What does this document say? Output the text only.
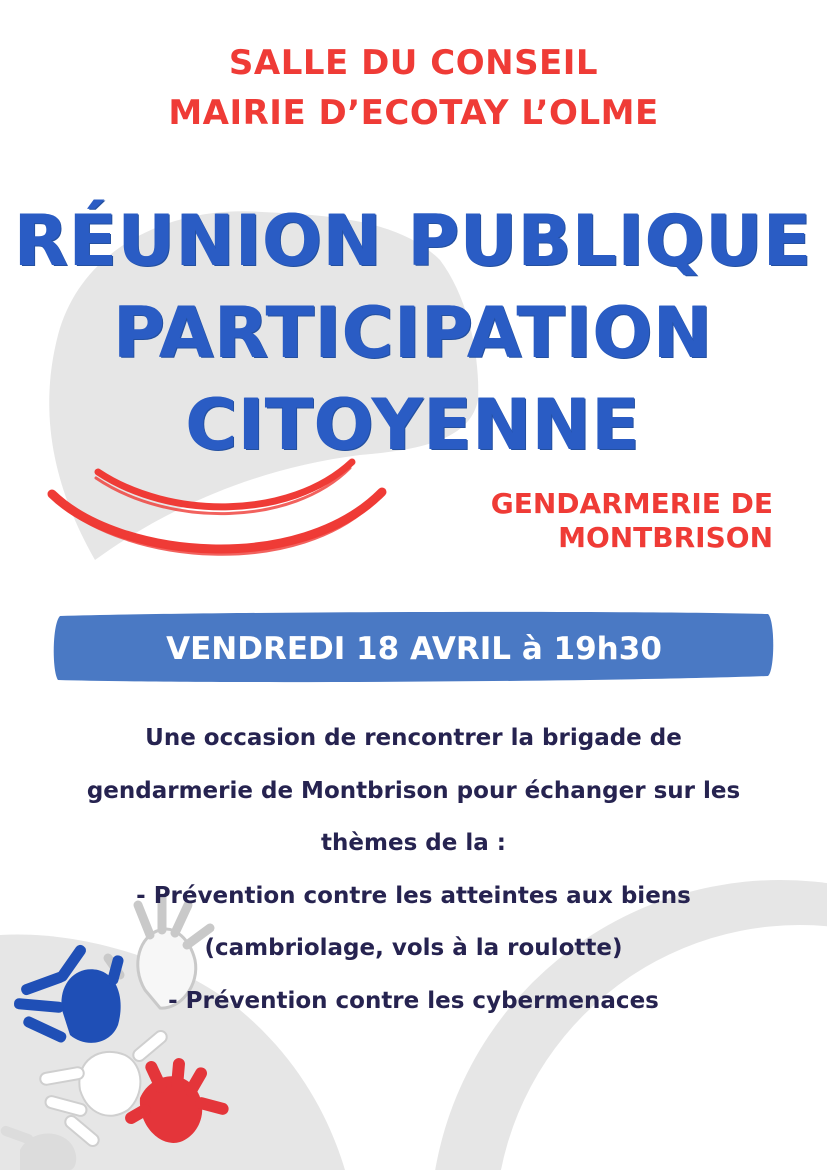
SALLE DU CONSEIL
MAIRIE D’ECOTAY L’OLME
RÉUNION PUBLIQUE
PARTICIPATION
CITOYENNE
GENDARMERIE DE
MONTBRISON
VENDREDI 18 AVRIL à 19h30
Une occasion de rencontrer la brigade de
gendarmerie de Montbrison pour échanger sur les
thèmes de la :
- Prévention contre les atteintes aux biens
(cambriolage, vols à la roulotte)
- Prévention contre les cybermenaces
